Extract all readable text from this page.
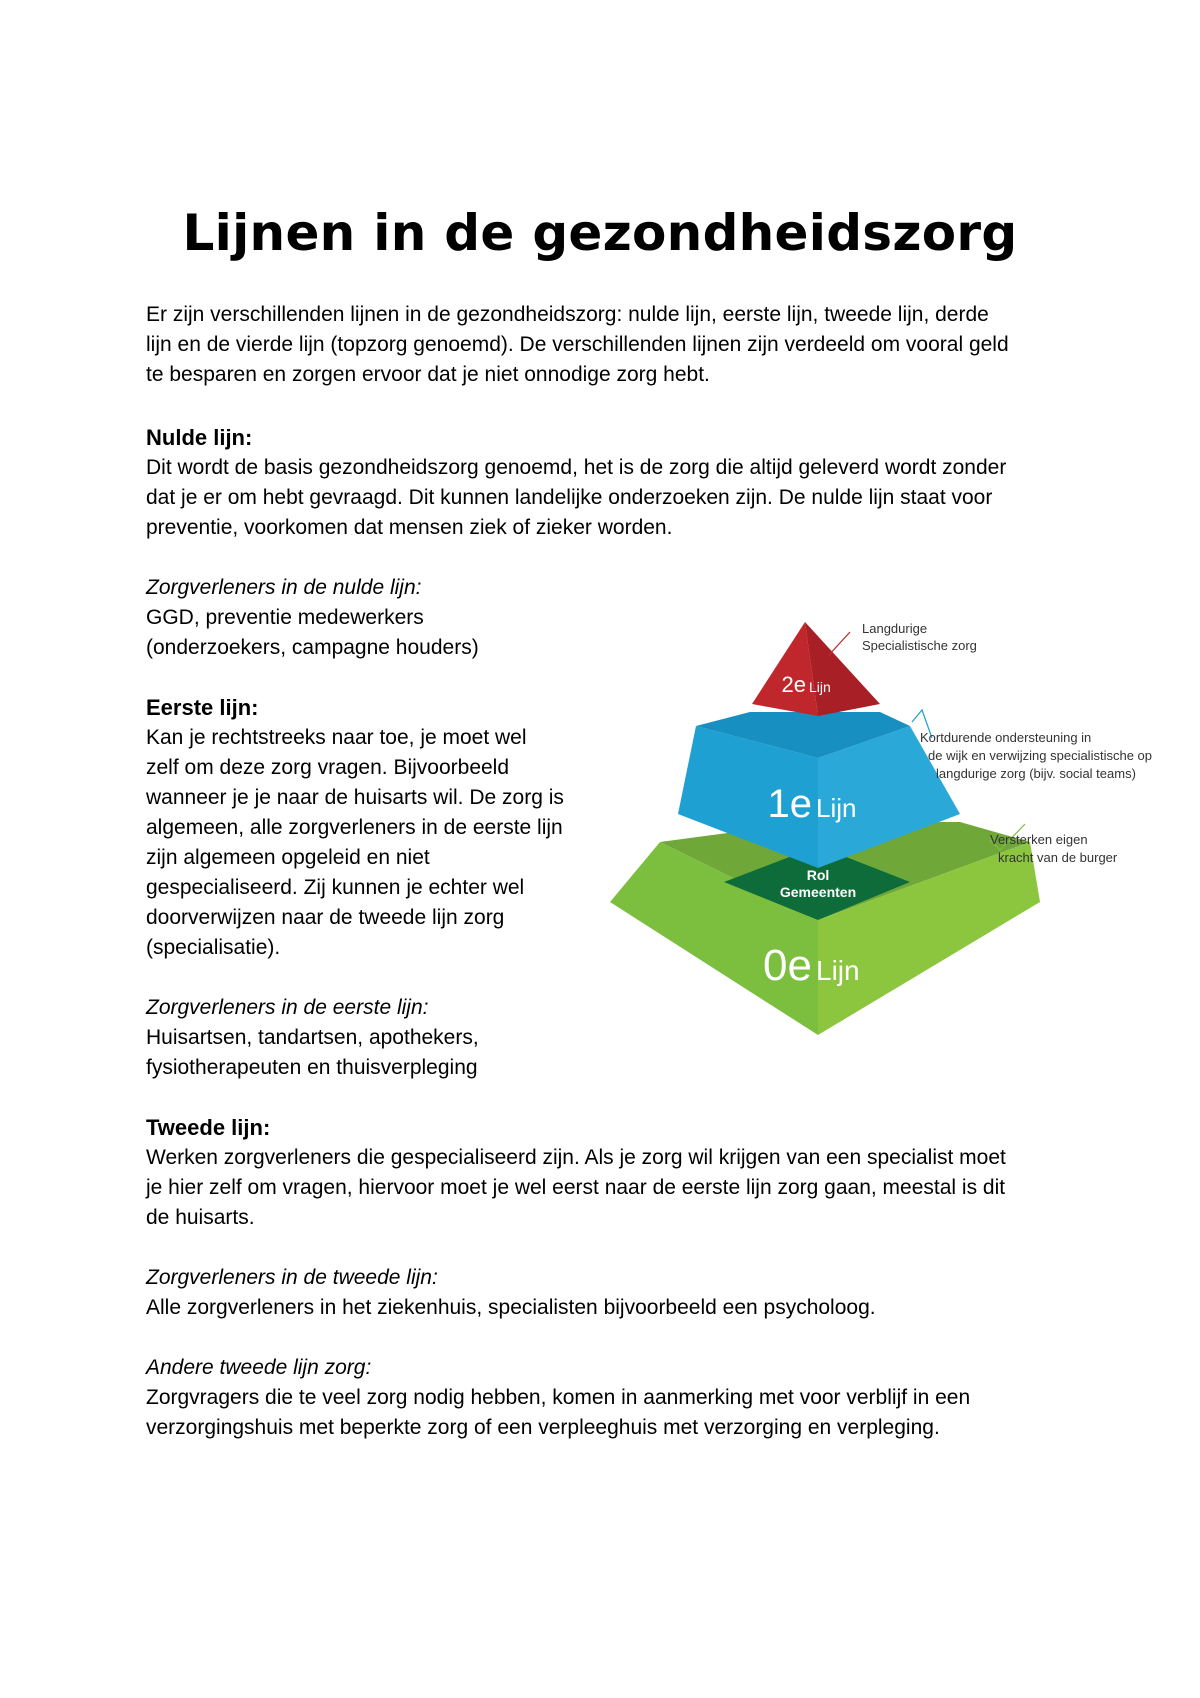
Lijnen in de gezondheidszorg
Er zijn verschillenden lijnen in de gezondheidszorg: nulde lijn, eerste lijn, tweede lijn, derde
lijn en de vierde lijn (topzorg genoemd). De verschillenden lijnen zijn verdeeld om vooral geld
te besparen en zorgen ervoor dat je niet onnodige zorg hebt.
Nulde lijn:
Dit wordt de basis gezondheidszorg genoemd, het is de zorg die altijd geleverd wordt zonder
dat je er om hebt gevraagd. Dit kunnen landelijke onderzoeken zijn. De nulde lijn staat voor
preventie, voorkomen dat mensen ziek of zieker worden.
Zorgverleners in de nulde lijn:
GGD, preventie medewerkers
(onderzoekers, campagne houders)
Eerste lijn:
Kan je rechtstreeks naar toe, je moet wel
zelf om deze zorg vragen. Bijvoorbeeld
wanneer je je naar de huisarts wil. De zorg is
algemeen, alle zorgverleners in de eerste lijn
zijn algemeen opgeleid en niet
gespecialiseerd. Zij kunnen je echter wel
doorverwijzen naar de tweede lijn zorg
(specialisatie).
Zorgverleners in de eerste lijn:
Huisartsen, tandartsen, apothekers,
fysiotherapeuten en thuisverpleging
Tweede lijn:
Werken zorgverleners die gespecialiseerd zijn. Als je zorg wil krijgen van een specialist moet
je hier zelf om vragen, hiervoor moet je wel eerst naar de eerste lijn zorg gaan, meestal is dit
de huisarts.
Zorgverleners in de tweede lijn:
Alle zorgverleners in het ziekenhuis, specialisten bijvoorbeeld een psycholoog.
Andere tweede lijn zorg:
Zorgvragers die te veel zorg nodig hebben, komen in aanmerking met voor verblijf in een
verzorgingshuis met beperkte zorg of een verpleeghuis met verzorging en verpleging.
Rol
Gemeenten
2e Lijn
1e Lijn
0e Lijn
Langdurige
Specialistische zorg
Kortdurende ondersteuning in
de wijk en verwijzing specialistische op
langdurige zorg (bijv. social teams)
Versterken eigen
kracht van de burger
